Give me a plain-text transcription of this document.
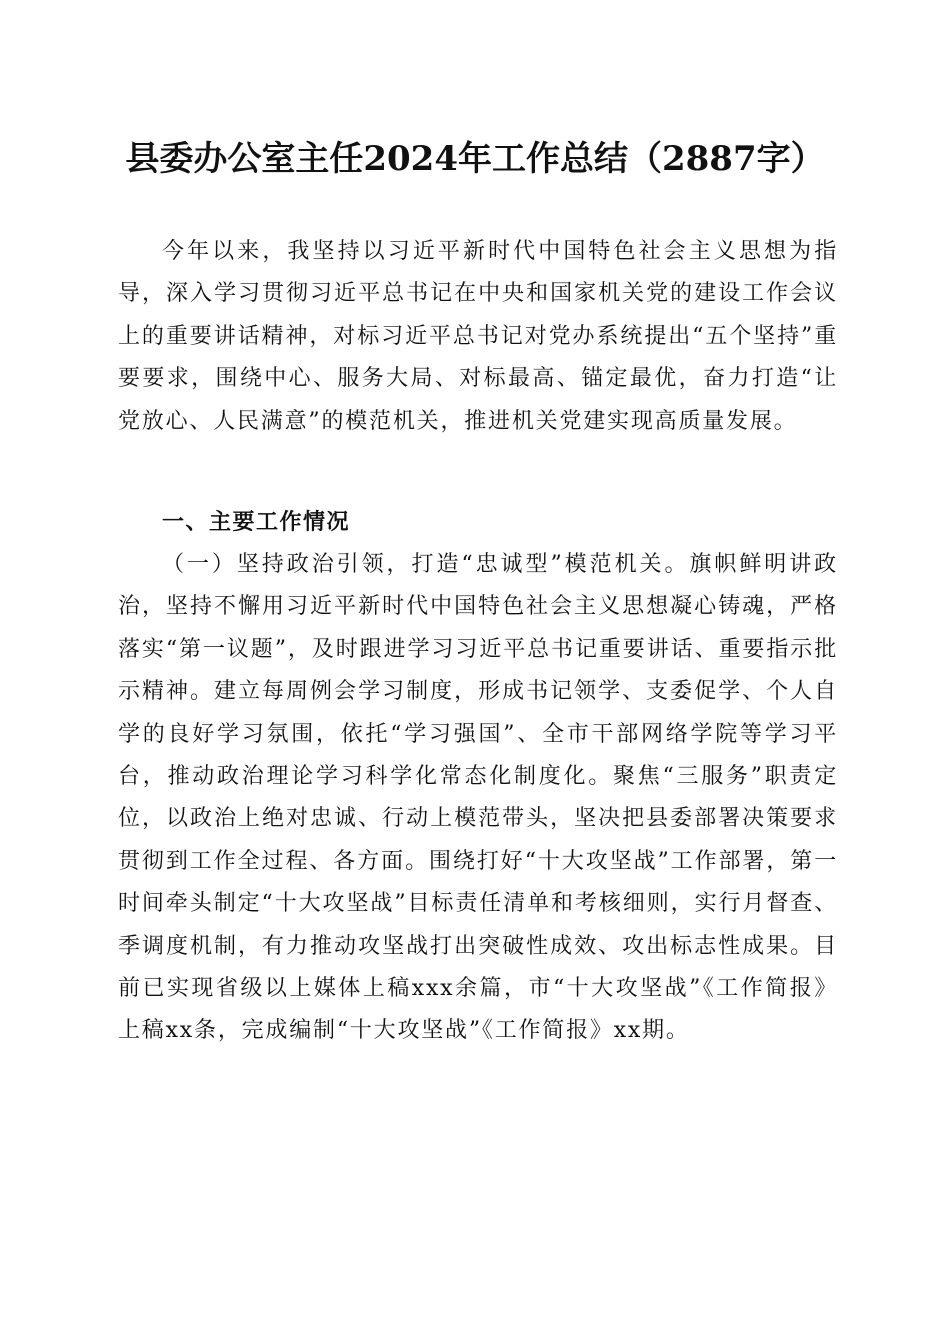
县委办公室主任2024年工作总结（2887字）

今年以来，我坚持以习近平新时代中国特色社会主义思想为指导，深入学习贯彻习近平总书记在中央和国家机关党的建设工作会议上的重要讲话精神，对标习近平总书记对党办系统提出“五个坚持”重要要求，围绕中心、服务大局、对标最高、锚定最优，奋力打造“让党放心、人民满意”的模范机关，推进机关党建实现高质量发展。

一、主要工作情况

（一）坚持政治引领，打造“忠诚型”模范机关。旗帜鲜明讲政治，坚持不懈用习近平新时代中国特色社会主义思想凝心铸魂，严格落实“第一议题”，及时跟进学习习近平总书记重要讲话、重要指示批示精神。建立每周例会学习制度，形成书记领学、支委促学、个人自学的良好学习氛围，依托“学习强国”、全市干部网络学院等学习平台，推动政治理论学习科学化常态化制度化。聚焦“三服务”职责定位，以政治上绝对忠诚、行动上模范带头，坚决把县委部署决策要求贯彻到工作全过程、各方面。围绕打好“十大攻坚战”工作部署，第一时间牵头制定“十大攻坚战”目标责任清单和考核细则，实行月督查、季调度机制，有力推动攻坚战打出突破性成效、攻出标志性成果。目前已实现省级以上媒体上稿xxx余篇，市“十大攻坚战”《工作简报》上稿xx条，完成编制“十大攻坚战”《工作简报》xx期。
